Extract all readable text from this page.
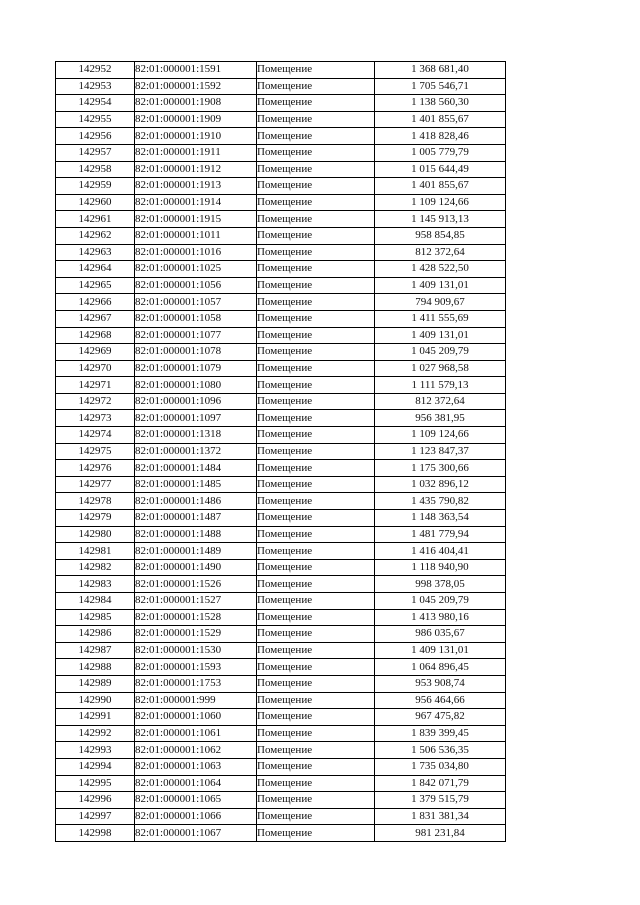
142952	82:01:000001:1591	Помещение	1 368 681,40
142953	82:01:000001:1592	Помещение	1 705 546,71
142954	82:01:000001:1908	Помещение	1 138 560,30
142955	82:01:000001:1909	Помещение	1 401 855,67
142956	82:01:000001:1910	Помещение	1 418 828,46
142957	82:01:000001:1911	Помещение	1 005 779,79
142958	82:01:000001:1912	Помещение	1 015 644,49
142959	82:01:000001:1913	Помещение	1 401 855,67
142960	82:01:000001:1914	Помещение	1 109 124,66
142961	82:01:000001:1915	Помещение	1 145 913,13
142962	82:01:000001:1011	Помещение	958 854,85
142963	82:01:000001:1016	Помещение	812 372,64
142964	82:01:000001:1025	Помещение	1 428 522,50
142965	82:01:000001:1056	Помещение	1 409 131,01
142966	82:01:000001:1057	Помещение	794 909,67
142967	82:01:000001:1058	Помещение	1 411 555,69
142968	82:01:000001:1077	Помещение	1 409 131,01
142969	82:01:000001:1078	Помещение	1 045 209,79
142970	82:01:000001:1079	Помещение	1 027 968,58
142971	82:01:000001:1080	Помещение	1 111 579,13
142972	82:01:000001:1096	Помещение	812 372,64
142973	82:01:000001:1097	Помещение	956 381,95
142974	82:01:000001:1318	Помещение	1 109 124,66
142975	82:01:000001:1372	Помещение	1 123 847,37
142976	82:01:000001:1484	Помещение	1 175 300,66
142977	82:01:000001:1485	Помещение	1 032 896,12
142978	82:01:000001:1486	Помещение	1 435 790,82
142979	82:01:000001:1487	Помещение	1 148 363,54
142980	82:01:000001:1488	Помещение	1 481 779,94
142981	82:01:000001:1489	Помещение	1 416 404,41
142982	82:01:000001:1490	Помещение	1 118 940,90
142983	82:01:000001:1526	Помещение	998 378,05
142984	82:01:000001:1527	Помещение	1 045 209,79
142985	82:01:000001:1528	Помещение	1 413 980,16
142986	82:01:000001:1529	Помещение	986 035,67
142987	82:01:000001:1530	Помещение	1 409 131,01
142988	82:01:000001:1593	Помещение	1 064 896,45
142989	82:01:000001:1753	Помещение	953 908,74
142990	82:01:000001:999	Помещение	956 464,66
142991	82:01:000001:1060	Помещение	967 475,82
142992	82:01:000001:1061	Помещение	1 839 399,45
142993	82:01:000001:1062	Помещение	1 506 536,35
142994	82:01:000001:1063	Помещение	1 735 034,80
142995	82:01:000001:1064	Помещение	1 842 071,79
142996	82:01:000001:1065	Помещение	1 379 515,79
142997	82:01:000001:1066	Помещение	1 831 381,34
142998	82:01:000001:1067	Помещение	981 231,84
